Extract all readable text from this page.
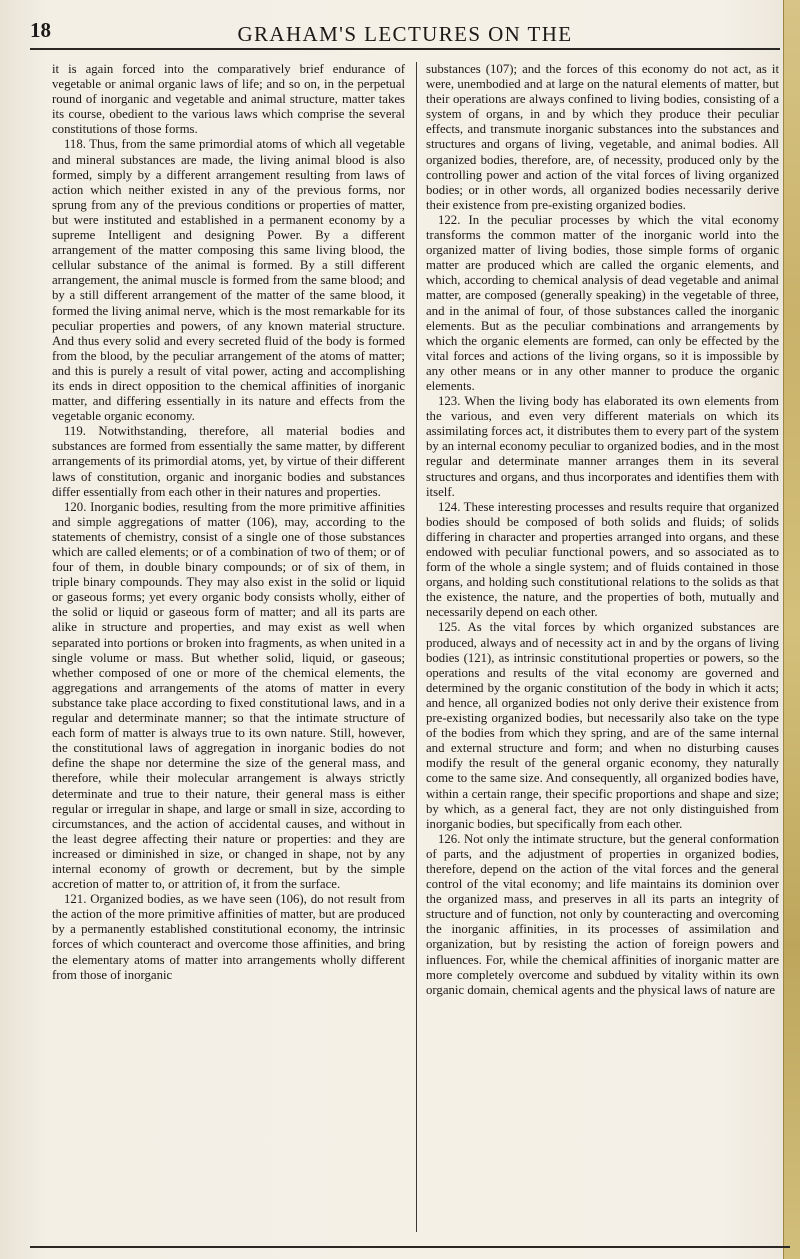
18	GRAHAM'S LECTURES ON THE

it is again forced into the comparatively brief endurance of vegetable or animal organic laws of life; and so on, in the perpetual round of inorganic and vegetable and animal structure, matter takes its course, obedient to the various laws which comprise the several constitutions of those forms.

118. Thus, from the same primordial atoms of which all vegetable and mineral substances are made, the living animal blood is also formed, simply by a different arrangement resulting from laws of action which neither existed in any of the previous forms, nor sprung from any of the previous conditions or properties of matter, but were instituted and established in a permanent economy by a supreme Intelligent and designing Power. By a different arrangement of the matter composing this same living blood, the cellular substance of the animal is formed. By a still different arrangement, the animal muscle is formed from the same blood; and by a still different arrangement of the matter of the same blood, it formed the living animal nerve, which is the most remarkable for its peculiar properties and powers, of any known material structure. And thus every solid and every secreted fluid of the body is formed from the blood, by the peculiar arrangement of the atoms of matter; and this is purely a result of vital power, acting and accomplishing its ends in direct opposition to the chemical affinities of inorganic matter, and differing essentially in its nature and effects from the vegetable organic economy.

119. Notwithstanding, therefore, all material bodies and substances are formed from essentially the same matter, by different arrangements of its primordial atoms, yet, by virtue of their different laws of constitution, organic and inorganic bodies and substances differ essentially from each other in their natures and properties.

120. Inorganic bodies, resulting from the more primitive affinities and simple aggregations of matter (106), may, according to the statements of chemistry, consist of a single one of those substances which are called elements; or of a combination of two of them; or of four of them, in double binary compounds; or of six of them, in triple binary compounds. They may also exist in the solid or liquid or gaseous forms; yet every organic body consists wholly, either of the solid or liquid or gaseous form of matter; and all its parts are alike in structure and properties, and may exist as well when separated into portions or broken into fragments, as when united in a single volume or mass. But whether solid, liquid, or gaseous; whether composed of one or more of the chemical elements, the aggregations and arrangements of the atoms of matter in every substance take place according to fixed constitutional laws, and in a regular and determinate manner; so that the intimate structure of each form of matter is always true to its own nature. Still, however, the constitutional laws of aggregation in inorganic bodies do not define the shape nor determine the size of the general mass, and therefore, while their molecular arrangement is always strictly determinate and true to their nature, their general mass is either regular or irregular in shape, and large or small in size, according to circumstances, and the action of accidental causes, and without in the least degree affecting their nature or properties: and they are increased or diminished in size, or changed in shape, not by any internal economy of growth or decrement, but by the simple accretion of matter to, or attrition of, it from the surface.

121. Organized bodies, as we have seen (106), do not result from the action of the more primitive affinities of matter, but are produced by a permanently established constitutional economy, the intrinsic forces of which counteract and overcome those affinities, and bring the elementary atoms of matter into arrangements wholly different from those of inorganic

substances (107); and the forces of this economy do not act, as it were, unembodied and at large on the natural elements of matter, but their operations are always confined to living bodies, consisting of a system of organs, in and by which they produce their peculiar effects, and transmute inorganic substances into the substances and structures and organs of living, vegetable, and animal bodies. All organized bodies, therefore, are, of necessity, produced only by the controlling power and action of the vital forces of living organized bodies; or in other words, all organized bodies necessarily derive their existence from pre-existing organized bodies.

122. In the peculiar processes by which the vital economy transforms the common matter of the inorganic world into the organized matter of living bodies, those simple forms of organic matter are produced which are called the organic elements, and which, according to chemical analysis of dead vegetable and animal matter, are composed (generally speaking) in the vegetable of three, and in the animal of four, of those substances called the inorganic elements. But as the peculiar combinations and arrangements by which the organic elements are formed, can only be effected by the vital forces and actions of the living organs, so it is impossible by any other means or in any other manner to produce the organic elements.

123. When the living body has elaborated its own elements from the various, and even very different materials on which its assimilating forces act, it distributes them to every part of the system by an internal economy peculiar to organized bodies, and in the most regular and determinate manner arranges them in its several structures and organs, and thus incorporates and identifies them with itself.

124. These interesting processes and results require that organized bodies should be composed of both solids and fluids; of solids differing in character and properties arranged into organs, and these endowed with peculiar functional powers, and so associated as to form of the whole a single system; and of fluids contained in those organs, and holding such constitutional relations to the solids as that the existence, the nature, and the properties of both, mutually and necessarily depend on each other.

125. As the vital forces by which organized substances are produced, always and of necessity act in and by the organs of living bodies (121), as intrinsic constitutional properties or powers, so the operations and results of the vital economy are governed and determined by the organic constitution of the body in which it acts; and hence, all organized bodies not only derive their existence from pre-existing organized bodies, but necessarily also take on the type of the bodies from which they spring, and are of the same internal and external structure and form; and when no disturbing causes modify the result of the general organic economy, they naturally come to the same size. And consequently, all organized bodies have, within a certain range, their specific proportions and shape and size; by which, as a general fact, they are not only distinguished from inorganic bodies, but specifically from each other.

126. Not only the intimate structure, but the general conformation of parts, and the adjustment of properties in organized bodies, therefore, depend on the action of the vital forces and the general control of the vital economy; and life maintains its dominion over the organized mass, and preserves in all its parts an integrity of structure and of function, not only by counteracting and overcoming the inorganic affinities, in its processes of assimilation and organization, but by resisting the action of foreign powers and influences. For, while the chemical affinities of inorganic matter are more completely overcome and subdued by vitality within its own organic domain, chemical agents and the physical laws of nature are
